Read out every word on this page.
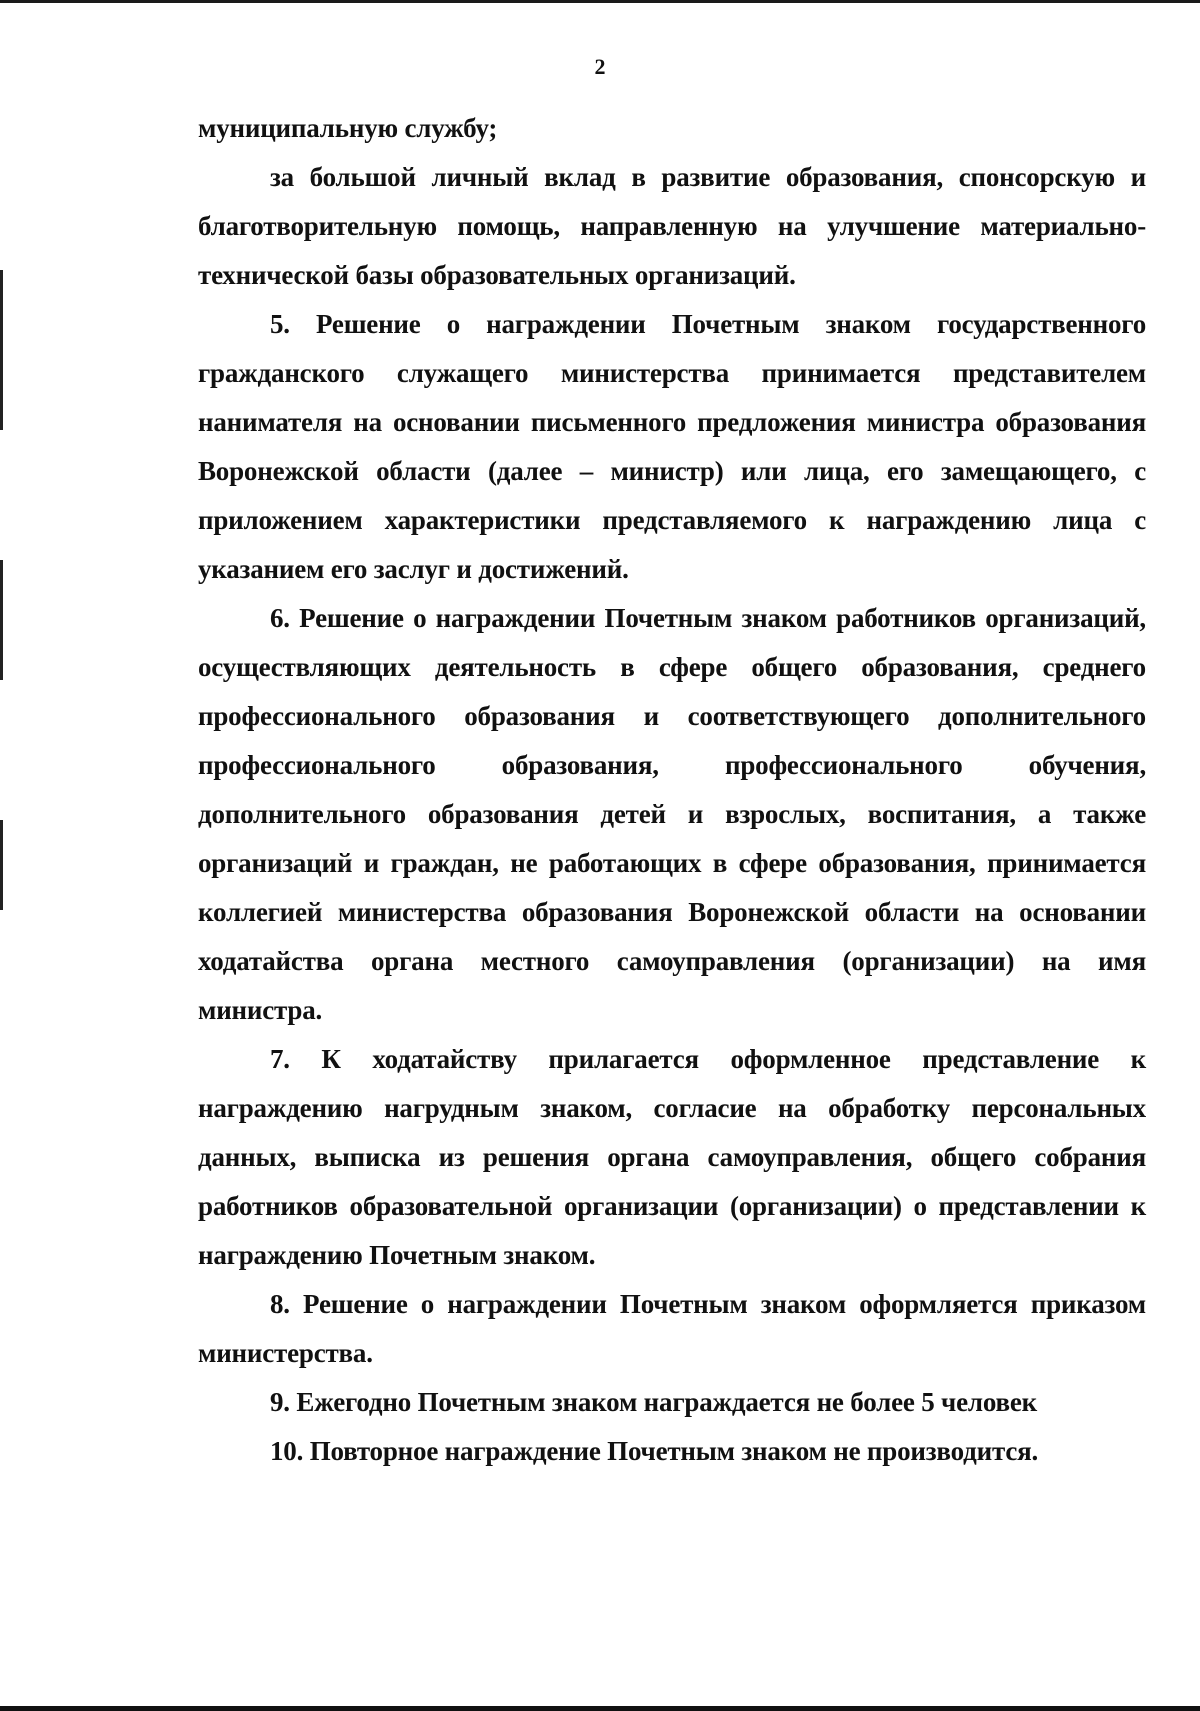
2

муниципальную службу;

за большой личный вклад в развитие образования, спонсорскую и благотворительную помощь, направленную на улучшение материально-технической базы образовательных организаций.

5. Решение о награждении Почетным знаком государственного гражданского служащего министерства принимается представителем нанимателя на основании письменного предложения министра образования Воронежской области (далее – министр) или лица, его замещающего, с приложением характеристики представляемого к награждению лица с указанием его заслуг и достижений.

6. Решение о награждении Почетным знаком работников организаций, осуществляющих деятельность в сфере общего образования, среднего профессионального образования и соответствующего дополнительного профессионального образования, профессионального обучения, дополнительного образования детей и взрослых, воспитания, а также организаций и граждан, не работающих в сфере образования, принимается коллегией министерства образования Воронежской области на основании ходатайства органа местного самоуправления (организации) на имя министра.

7. К ходатайству прилагается оформленное представление к награждению нагрудным знаком, согласие на обработку персональных данных, выписка из решения органа самоуправления, общего собрания работников образовательной организации (организации) о представлении к награждению Почетным знаком.

8. Решение о награждении Почетным знаком оформляется приказом министерства.

9. Ежегодно Почетным знаком награждается не более 5 человек

10. Повторное награждение Почетным знаком не производится.
